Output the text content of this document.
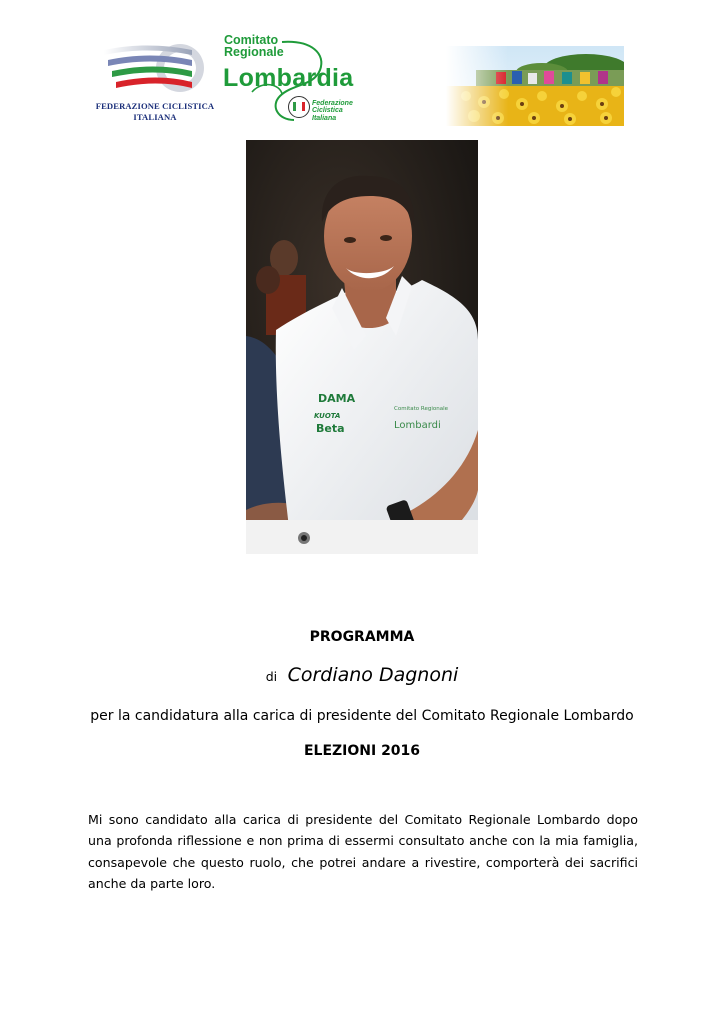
FEDERAZIONE CICLISTICA
ITALIANA
Comitato
Regionale
Lombardia
Federazione
Ciclistica
Italiana
DAMA
KUOTA
Beta
Comitato Regionale
Lombardi
PROGRAMMA
di Cordiano Dagnoni
per la candidatura alla carica di presidente del Comitato Regionale Lombardo
ELEZIONI 2016
Mi sono candidato alla carica di presidente del Comitato Regionale Lombardo dopo una profonda riflessione e non prima di essermi consultato anche con la mia famiglia, consapevole che questo ruolo, che potrei andare a rivestire, comporterà dei sacrifici anche da parte loro.
